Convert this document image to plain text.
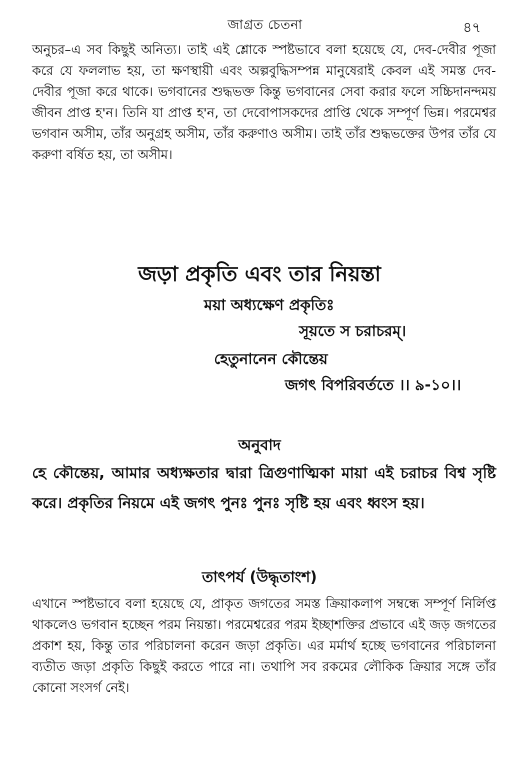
জাগ্রত চেতনা	৪৭

অনুচর–এ সব কিছুই অনিত্য। তাই এই শ্লোকে স্পষ্টভাবে বলা হয়েছে যে, দেব-দেবীর পূজা করে যে ফললাভ হয়, তা ক্ষণস্থায়ী এবং অল্পবুদ্ধিসম্পন্ন মানুষেরাই কেবল এই সমস্ত দেব-দেবীর পূজা করে থাকে। ভগবানের শুদ্ধভক্ত কিন্তু ভগবানের সেবা করার ফলে সচ্চিদানন্দময় জীবন প্রাপ্ত হ'ন। তিনি যা প্রাপ্ত হ'ন, তা দেবোপাসকদের প্রাপ্তি থেকে সম্পূর্ণ ভিন্ন। পরমেশ্বর ভগবান অসীম, তাঁর অনুগ্রহ অসীম, তাঁর করুণাও অসীম। তাই তাঁর শুদ্ধভক্তের উপর তাঁর যে করুণা বর্ষিত হয়, তা অসীম।

জড়া প্রকৃতি এবং তার নিয়ন্তা

ময়া অধ্যক্ষেণ প্রকৃতিঃ

সূয়তে স চরাচরম্।

হেতুনানেন কৌন্তেয়

জগৎ বিপরিবর্ততে ।। ৯-১০।।

অনুবাদ

হে কৌন্তেয়, আমার অধ্যক্ষতার দ্বারা ত্রিগুণাত্মিকা মায়া এই চরাচর বিশ্ব সৃষ্টি করে। প্রকৃতির নিয়মে এই জগৎ পুনঃ পুনঃ সৃষ্টি হয় এবং ধ্বংস হয়।

তাৎপর্য (উদ্ধৃতাংশ)

এখানে স্পষ্টভাবে বলা হয়েছে যে, প্রাকৃত জগতের সমস্ত ক্রিয়াকলাপ সম্বন্ধে সম্পূর্ণ নির্লিপ্ত থাকলেও ভগবান হচ্ছেন পরম নিয়ন্তা। পরমেশ্বরের পরম ইচ্ছাশক্তির প্রভাবে এই জড় জগতের প্রকাশ হয়, কিন্তু তার পরিচালনা করেন জড়া প্রকৃতি। এর মর্মার্থ হচ্ছে ভগবানের পরিচালনা ব্যতীত জড়া প্রকৃতি কিছুই করতে পারে না। তথাপি সব রকমের লৌকিক ক্রিয়ার সঙ্গে তাঁর কোনো সংসর্গ নেই।
